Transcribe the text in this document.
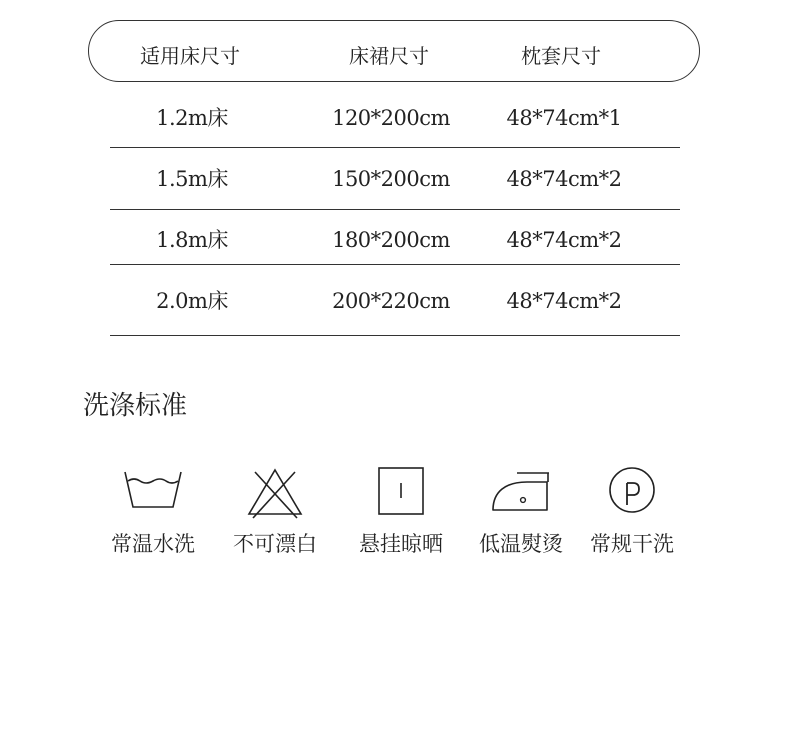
适用床尺寸	床裙尺寸	枕套尺寸
1.2m床	120*200cm	48*74cm*1
1.5m床	150*200cm	48*74cm*2
1.8m床	180*200cm	48*74cm*2
2.0m床	200*220cm	48*74cm*2
洗涤标准
常温水洗	不可漂白	悬挂晾晒	低温熨烫	常规干洗
